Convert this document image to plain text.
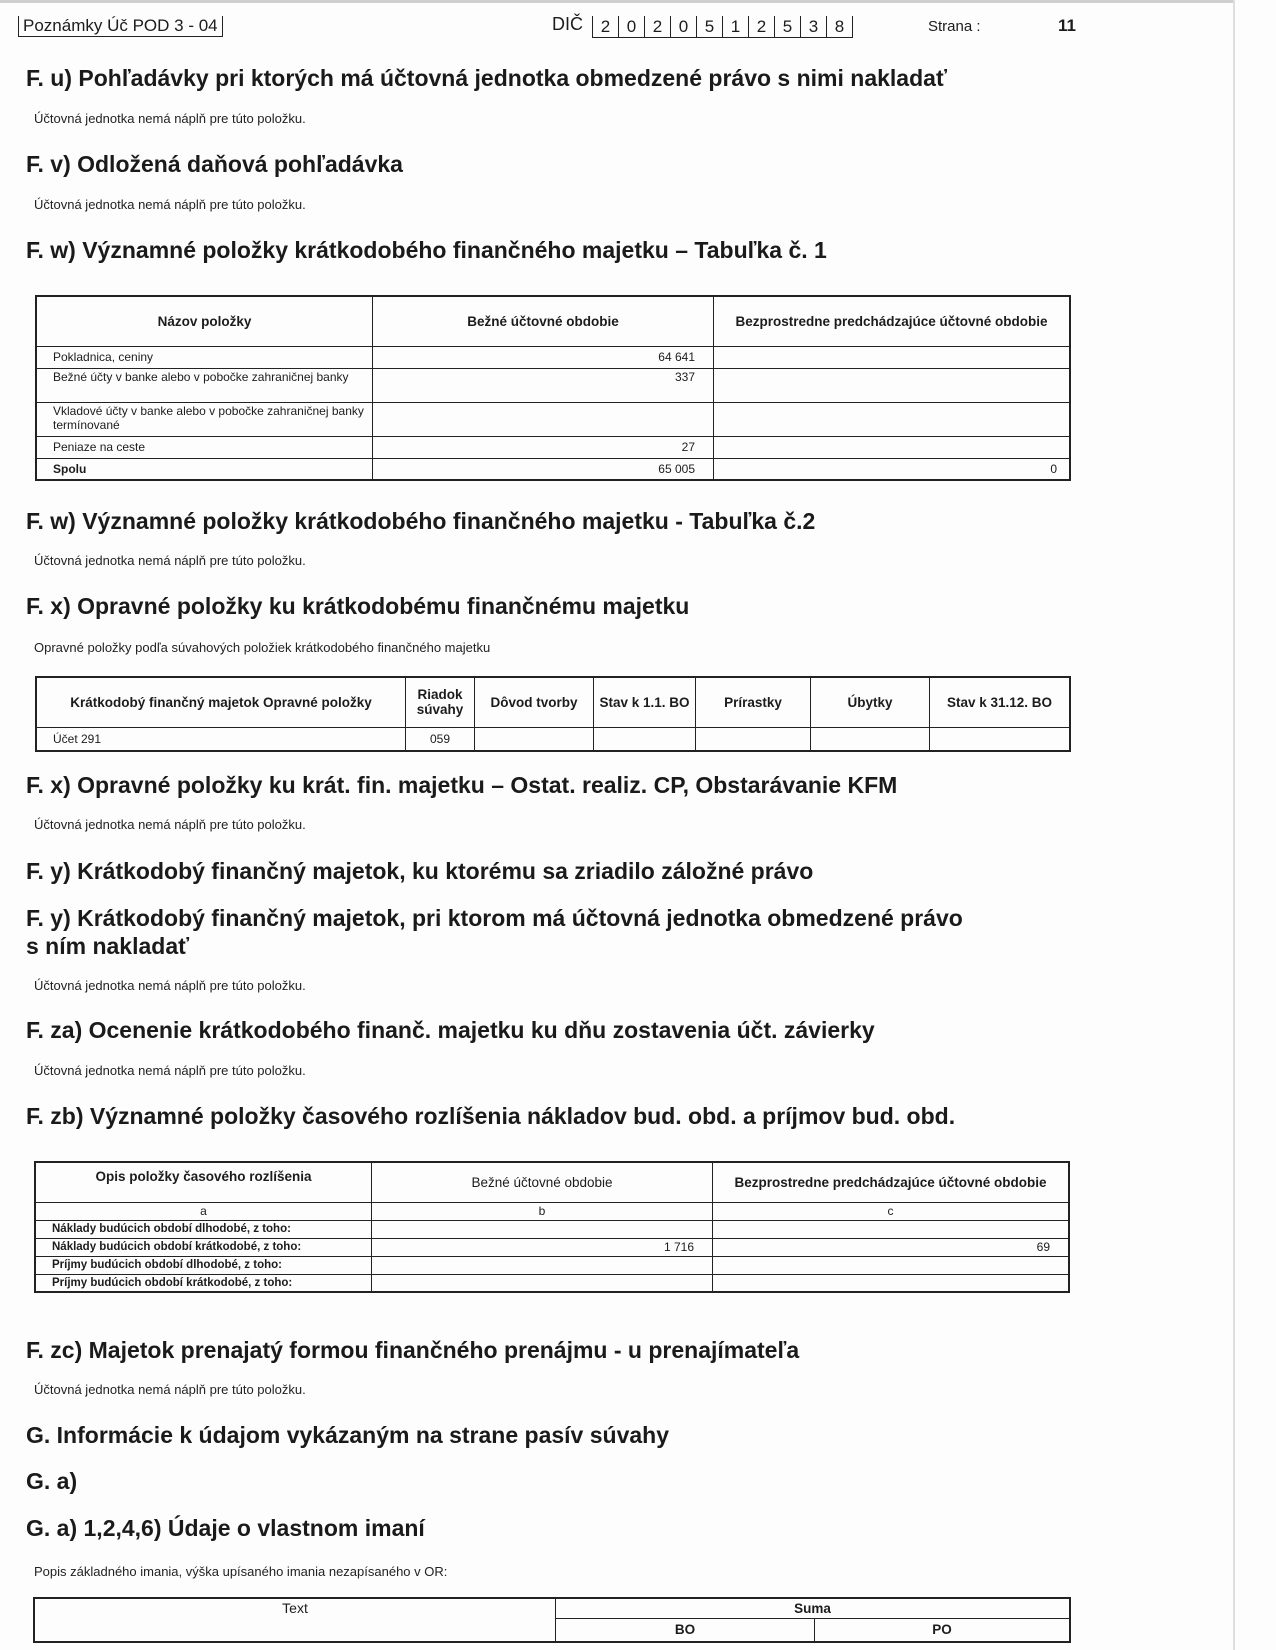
Poznámky Úč POD 3 - 04	DIČ	2 0 2 0 5 1 2 5 3 8	Strana :	11
F. u) Pohľadávky pri ktorých má účtovná jednotka obmedzené právo s nimi nakladať
Účtovná jednotka nemá náplň pre túto položku.
F. v) Odložená daňová pohľadávka
Účtovná jednotka nemá náplň pre túto položku.
F. w) Významné položky krátkodobého finančného majetku – Tabuľka č. 1
Názov položky	Bežné účtovné obdobie	Bezprostredne predchádzajúce účtovné obdobie
Pokladnica, ceniny	64 641	
Bežné účty v banke alebo v pobočke zahraničnej banky	337	
Vkladové účty v banke alebo v pobočke zahraničnej banky termínované		
Peniaze na ceste	27	
Spolu	65 005	0
F. w) Významné položky krátkodobého finančného majetku - Tabuľka č.2
Účtovná jednotka nemá náplň pre túto položku.
F. x) Opravné položky ku krátkodobému finančnému majetku
Opravné položky podľa súvahových položiek krátkodobého finančného majetku
Krátkodobý finančný majetok Opravné položky	Riadok súvahy	Dôvod tvorby	Stav k 1.1. BO	Prírastky	Úbytky	Stav k 31.12. BO
Účet 291	059					
F. x) Opravné položky ku krát. fin. majetku – Ostat. realiz. CP, Obstarávanie KFM
Účtovná jednotka nemá náplň pre túto položku.
F. y) Krátkodobý finančný majetok, ku ktorému sa zriadilo záložné právo
F. y) Krátkodobý finančný majetok, pri ktorom má účtovná jednotka obmedzené právo
s ním nakladať
Účtovná jednotka nemá náplň pre túto položku.
F. za) Ocenenie krátkodobého finanč. majetku ku dňu zostavenia účt. závierky
Účtovná jednotka nemá náplň pre túto položku.
F. zb) Významné položky časového rozlíšenia nákladov bud. obd. a príjmov bud. obd.
Opis položky časového rozlíšenia	Bežné účtovné obdobie	Bezprostredne predchádzajúce účtovné obdobie
a	b	c
Náklady budúcich období dlhodobé, z toho:		
Náklady budúcich období krátkodobé, z toho:	1 716	69
Príjmy budúcich období dlhodobé, z toho:		
Príjmy budúcich období krátkodobé, z toho:		
F. zc) Majetok prenajatý formou finančného prenájmu - u prenajímateľa
Účtovná jednotka nemá náplň pre túto položku.
G. Informácie k údajom vykázaným na strane pasív súvahy
G. a)
G. a) 1,2,4,6) Údaje o vlastnom imaní
Popis základného imania, výška upísaného imania nezapísaného v OR:
Text	Suma	
	BO	PO
